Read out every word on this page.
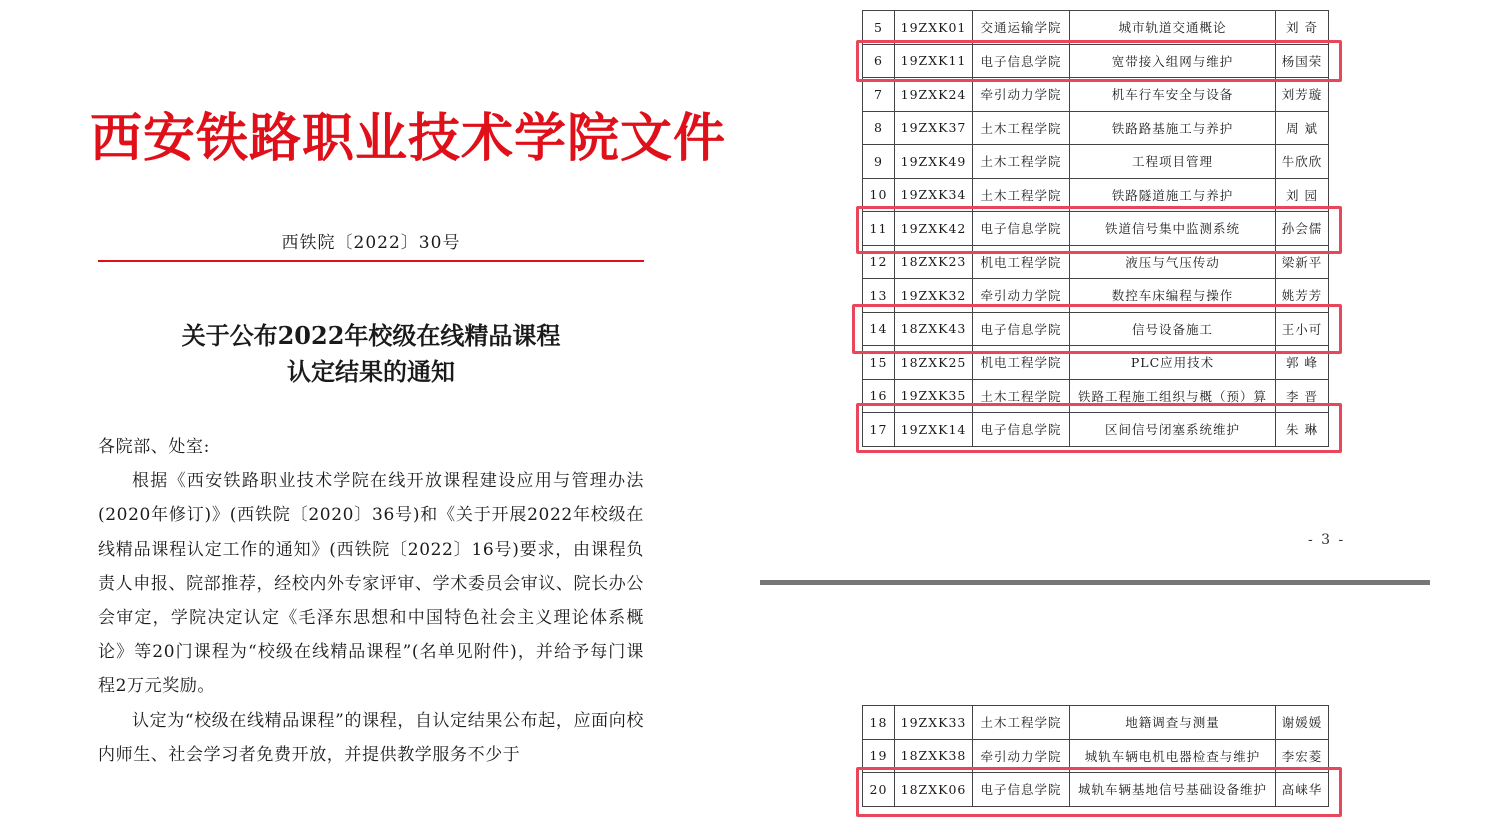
西安铁路职业技术学院文件
西铁院〔2022〕30号
关于公布2022年校级在线精品课程
认定结果的通知

各院部、处室:

根据《西安铁路职业技术学院在线开放课程建设应用与管理办法(2020年修订)》(西铁院〔2020〕36号)和《关于开展2022年校级在线精品课程认定工作的通知》(西铁院〔2022〕16号)要求，由课程负责人申报、院部推荐，经校内外专家评审、学术委员会审议、院长办公会审定，学院决定认定《毛泽东思想和中国特色社会主义理论体系概论》等20门课程为“校级在线精品课程”(名单见附件)，并给予每门课程2万元奖励。

认定为“校级在线精品课程”的课程，自认定结果公布起，应面向校内师生、社会学习者免费开放，并提供教学服务不少于

5	19ZXK01	交通运输学院	城市轨道交通概论	刘 奇
6	19ZXK11	电子信息学院	宽带接入组网与维护	杨国荣
7	19ZXK24	牵引动力学院	机车行车安全与设备	刘芳璇
8	19ZXK37	土木工程学院	铁路路基施工与养护	周 斌
9	19ZXK49	土木工程学院	工程项目管理	牛欣欣
10	19ZXK34	土木工程学院	铁路隧道施工与养护	刘 园
11	19ZXK42	电子信息学院	铁道信号集中监测系统	孙会儒
12	18ZXK23	机电工程学院	液压与气压传动	梁新平
13	19ZXK32	牵引动力学院	数控车床编程与操作	姚芳芳
14	18ZXK43	电子信息学院	信号设备施工	王小可
15	18ZXK25	机电工程学院	PLC应用技术	郭 峰
16	19ZXK35	土木工程学院	铁路工程施工组织与概（预）算	李 晋
17	19ZXK14	电子信息学院	区间信号闭塞系统维护	朱 琳
- 3 -
18	19ZXK33	土木工程学院	地籍调查与测量	谢媛媛
19	18ZXK38	牵引动力学院	城轨车辆电机电器检查与维护	李宏菱
20	18ZXK06	电子信息学院	城轨车辆基地信号基础设备维护	高崃华
